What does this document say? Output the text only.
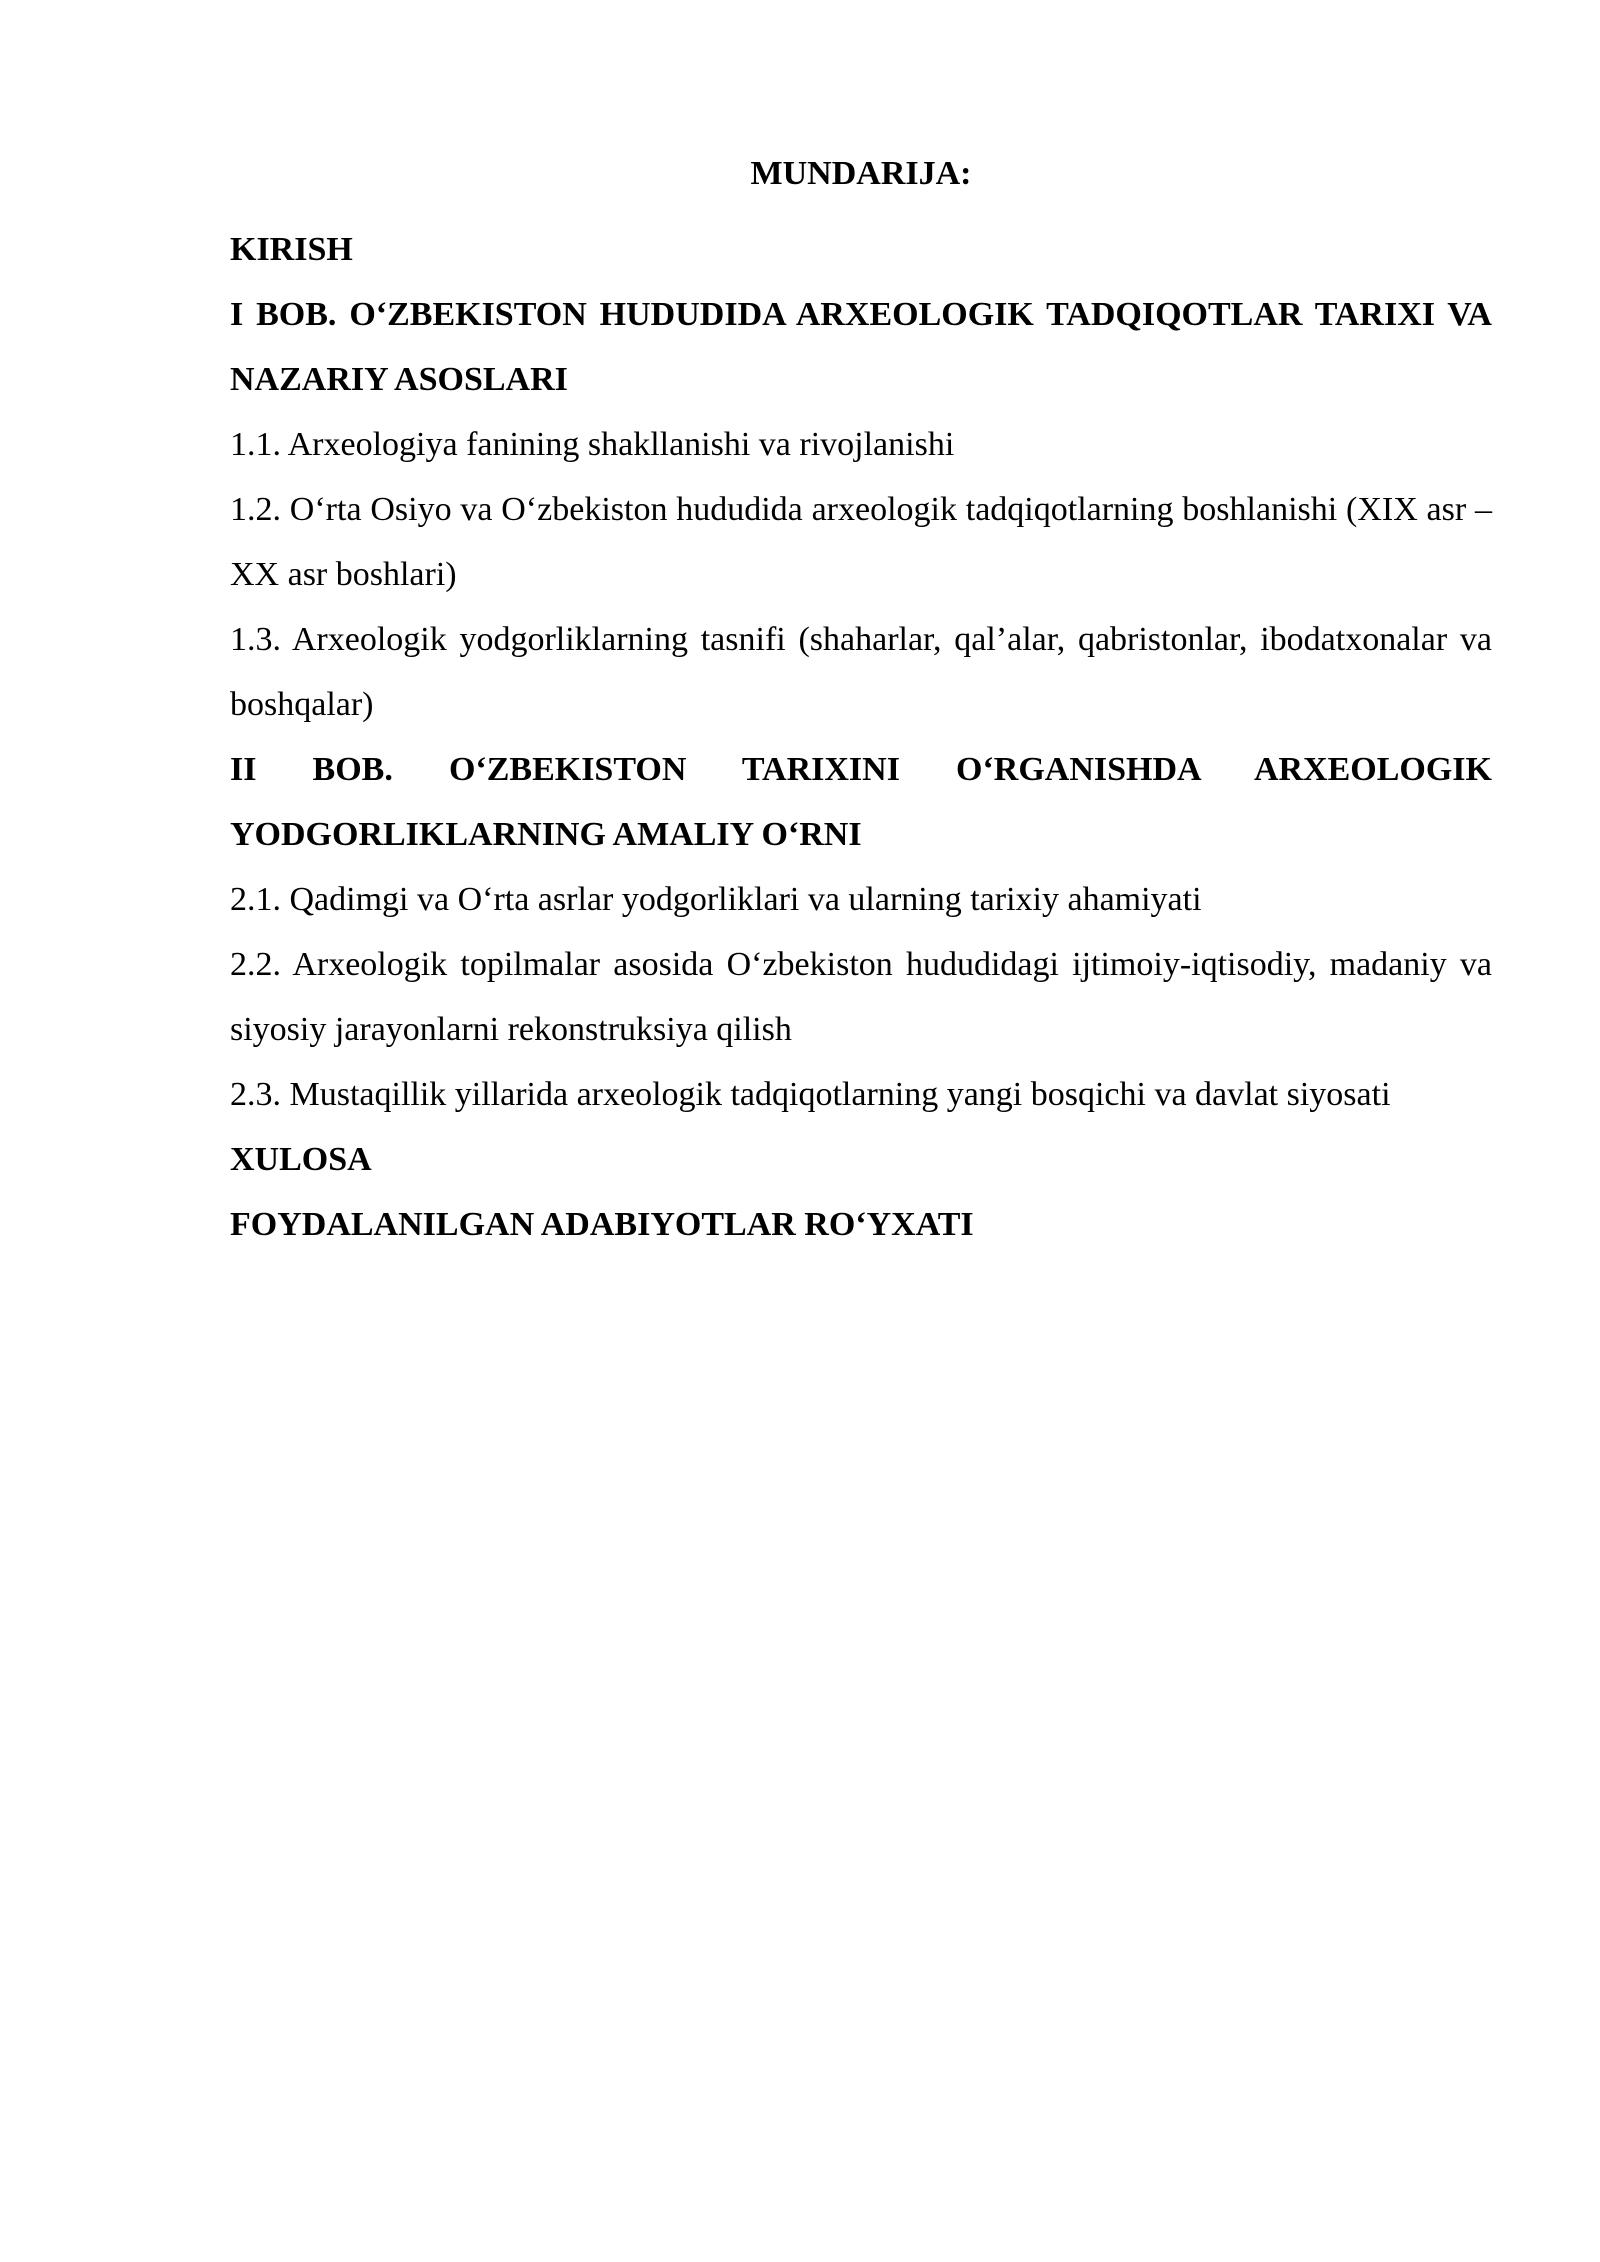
MUNDARIJA:

KIRISH

I BOB. O‘ZBEKISTON HUDUDIDA ARXEOLOGIK TADQIQOTLAR TARIXI VA NAZARIY ASOSLARI

1.1. Arxeologiya fanining shakllanishi va rivojlanishi

1.2. O‘rta Osiyo va O‘zbekiston hududida arxeologik tadqiqotlarning boshlanishi (XIX asr – XX asr boshlari)

1.3. Arxeologik yodgorliklarning tasnifi (shaharlar, qal’alar, qabristonlar, ibodatxonalar va boshqalar)

II BOB. O‘ZBEKISTON TARIXINI O‘RGANISHDA ARXEOLOGIK YODGORLIKLARNING AMALIY O‘RNI

2.1. Qadimgi va O‘rta asrlar yodgorliklari va ularning tarixiy ahamiyati

2.2. Arxeologik topilmalar asosida O‘zbekiston hududidagi ijtimoiy-iqtisodiy, madaniy va siyosiy jarayonlarni rekonstruksiya qilish

2.3. Mustaqillik yillarida arxeologik tadqiqotlarning yangi bosqichi va davlat siyosati

XULOSA

FOYDALANILGAN ADABIYOTLAR RO‘YXATI
